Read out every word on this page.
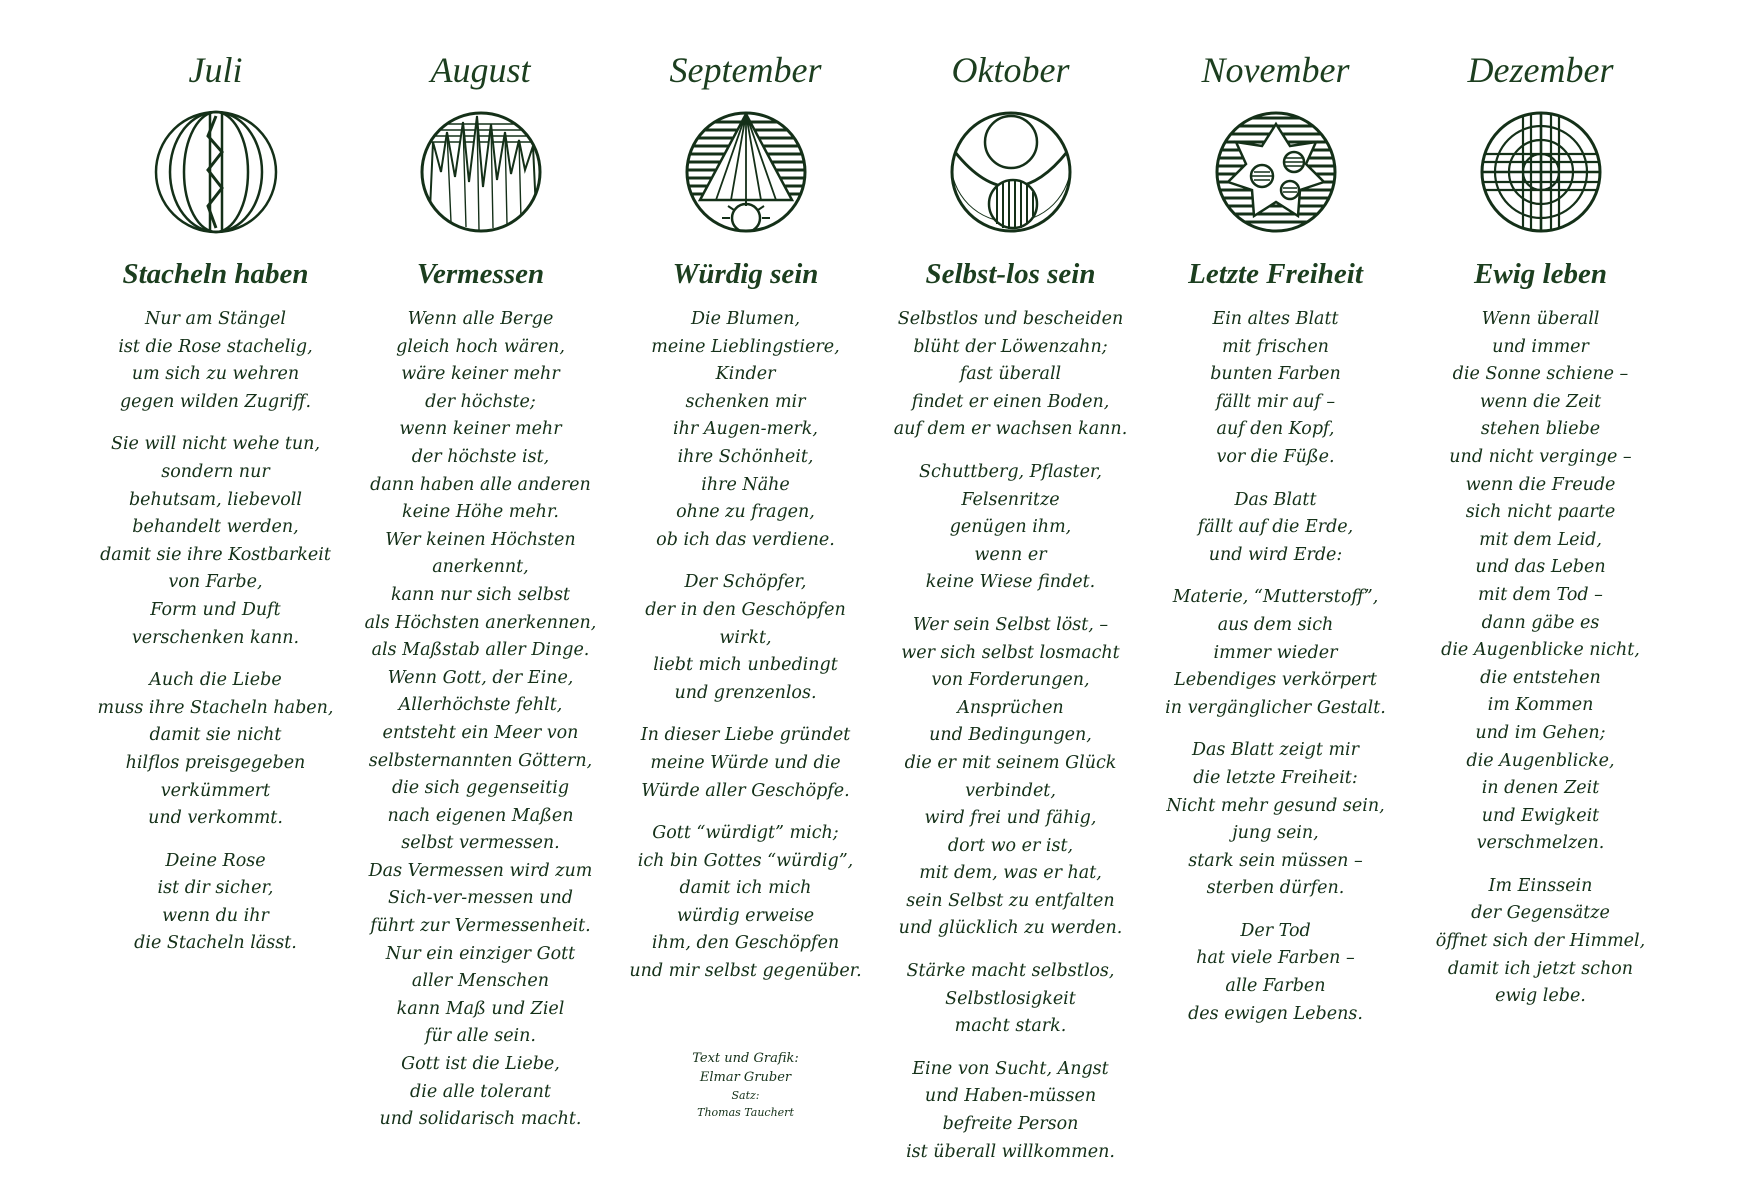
Juli
Stacheln haben
Nur am Stängel
ist die Rose stachelig,
um sich zu wehren
gegen wilden Zugriff.
Sie will nicht wehe tun,
sondern nur
behutsam, liebevoll
behandelt werden,
damit sie ihre Kostbarkeit
von Farbe,
Form und Duft
verschenken kann.
Auch die Liebe
muss ihre Stacheln haben,
damit sie nicht
hilflos preisgegeben
verkümmert
und verkommt.
Deine Rose
ist dir sicher,
wenn du ihr
die Stacheln lässt.
August
Vermessen
Wenn alle Berge
gleich hoch wären,
wäre keiner mehr
der höchste;
wenn keiner mehr
der höchste ist,
dann haben alle anderen
keine Höhe mehr.
Wer keinen Höchsten
anerkennt,
kann nur sich selbst
als Höchsten anerkennen,
als Maßstab aller Dinge.
Wenn Gott, der Eine,
Allerhöchste fehlt,
entsteht ein Meer von
selbsternannten Göttern,
die sich gegenseitig
nach eigenen Maßen
selbst vermessen.
Das Vermessen wird zum
Sich-ver-messen und
führt zur Vermessenheit.
Nur ein einziger Gott
aller Menschen
kann Maß und Ziel
für alle sein.
Gott ist die Liebe,
die alle tolerant
und solidarisch macht.
September
Würdig sein
Die Blumen,
meine Lieblingstiere,
Kinder
schenken mir
ihr Augen-merk,
ihre Schönheit,
ihre Nähe
ohne zu fragen,
ob ich das verdiene.
Der Schöpfer,
der in den Geschöpfen
wirkt,
liebt mich unbedingt
und grenzenlos.
In dieser Liebe gründet
meine Würde und die
Würde aller Geschöpfe.
Gott “würdigt” mich;
ich bin Gottes “würdig”,
damit ich mich
würdig erweise
ihm, den Geschöpfen
und mir selbst gegenüber.
Text und Grafik:
Elmar Gruber
Satz:
Thomas Tauchert
Oktober
Selbst-los sein
Selbstlos und bescheiden
blüht der Löwenzahn;
fast überall
findet er einen Boden,
auf dem er wachsen kann.
Schuttberg, Pflaster,
Felsenritze
genügen ihm,
wenn er
keine Wiese findet.
Wer sein Selbst löst, –
wer sich selbst losmacht
von Forderungen,
Ansprüchen
und Bedingungen,
die er mit seinem Glück
verbindet,
wird frei und fähig,
dort wo er ist,
mit dem, was er hat,
sein Selbst zu entfalten
und glücklich zu werden.
Stärke macht selbstlos,
Selbstlosigkeit
macht stark.
Eine von Sucht, Angst
und Haben-müssen
befreite Person
ist überall willkommen.
November
Letzte Freiheit
Ein altes Blatt
mit frischen
bunten Farben
fällt mir auf –
auf den Kopf,
vor die Füße.
Das Blatt
fällt auf die Erde,
und wird Erde:
Materie, “Mutterstoff”,
aus dem sich
immer wieder
Lebendiges verkörpert
in vergänglicher Gestalt.
Das Blatt zeigt mir
die letzte Freiheit:
Nicht mehr gesund sein,
jung sein,
stark sein müssen –
sterben dürfen.
Der Tod
hat viele Farben –
alle Farben
des ewigen Lebens.
Dezember
Ewig leben
Wenn überall
und immer
die Sonne schiene –
wenn die Zeit
stehen bliebe
und nicht verginge –
wenn die Freude
sich nicht paarte
mit dem Leid,
und das Leben
mit dem Tod –
dann gäbe es
die Augenblicke nicht,
die entstehen
im Kommen
und im Gehen;
die Augenblicke,
in denen Zeit
und Ewigkeit
verschmelzen.
Im Einssein
der Gegensätze
öffnet sich der Himmel,
damit ich jetzt schon
ewig lebe.
